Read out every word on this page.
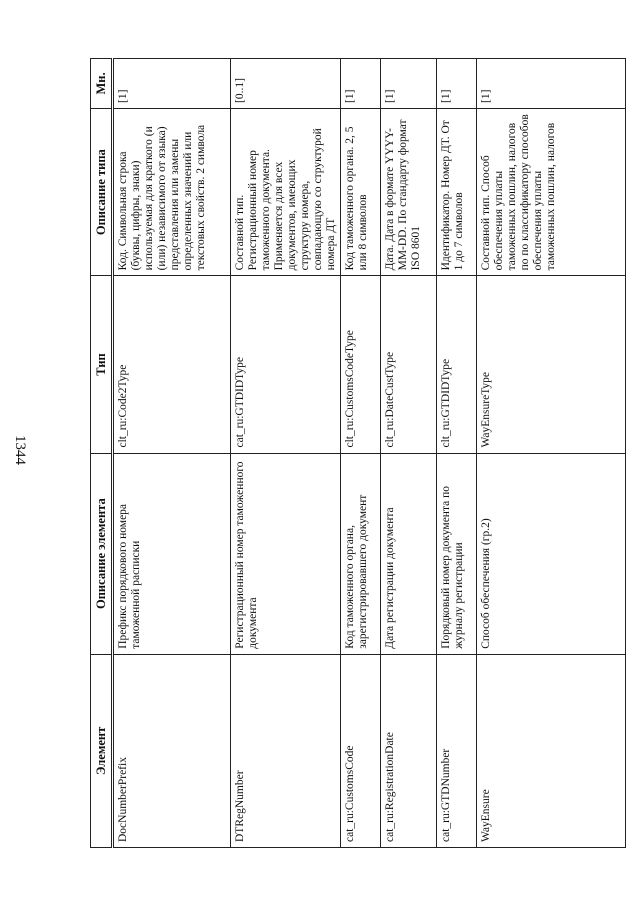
1344
Элемент	Описание элемента	Тип	Описание типа	Мн.
DocNumberPrefix	Префикс порядкового номера таможенной расписки	clt_ru:Code2Type	Код. Символьная строка (буквы, цифры, знаки) используемая для краткого (и (или) независимого от языка) представления или замены определенных значений или текстовых свойств. 2 символа	[1]
DTRegNumber	Регистрационный номер таможенного документа	cat_ru:GTDIDType	Составной тип. Регистрационный номер таможенного документа. Применяется для всех документов, имеющих структуру номера, совпадающую со структурой номера ДТ	[0..1]
cat_ru:CustomsCode	Код таможенного органа, зарегистрировавшего документ	clt_ru:CustomsCodeType	Код таможенного органа. 2, 5 или 8 символов	[1]
cat_ru:RegistrationDate	Дата регистрации документа	clt_ru:DateCustType	Дата. Дата в формате YYYY-MM-DD. По стандарту формат ISO 8601	[1]
cat_ru:GTDNumber	Порядковый номер документа по журналу регистрации	clt_ru:GTDIDType	Идентификатор. Номер ДТ. От 1 до 7 символов	[1]
WayEnsure	Способ обеспечения (гр.2)	WayEnsureType	Составной тип. Способ обеспечения уплаты таможенных пошлин, налогов по по классификатору способов обеспечения уплаты таможенных пошлин, налогов	[1]
